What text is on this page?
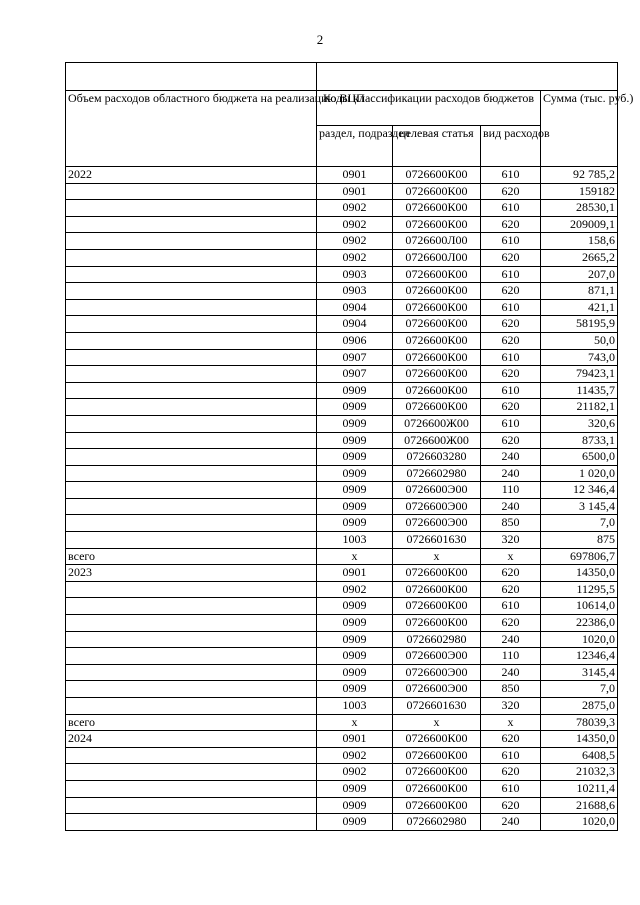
2

Объем расходов областного бюджета на реализацию ВЦП	Коды классификации расходов бюджетов			Сумма (тыс. руб.)
	раздел, подраздел	целевая статья	вид расходов	
2022	0901	0726600К00	610	92 785,2
	0901	0726600К00	620	159182
	0902	0726600К00	610	28530,1
	0902	0726600К00	620	209009,1
	0902	0726600Л00	610	158,6
	0902	0726600Л00	620	2665,2
	0903	0726600К00	610	207,0
	0903	0726600К00	620	871,1
	0904	0726600К00	610	421,1
	0904	0726600К00	620	58195,9
	0906	0726600К00	620	50,0
	0907	0726600К00	610	743,0
	0907	0726600К00	620	79423,1
	0909	0726600К00	610	11435,7
	0909	0726600К00	620	21182,1
	0909	0726600Ж00	610	320,6
	0909	0726600Ж00	620	8733,1
	0909	0726603280	240	6500,0
	0909	0726602980	240	1 020,0
	0909	0726600Э00	110	12 346,4
	0909	0726600Э00	240	3 145,4
	0909	0726600Э00	850	7,0
	1003	0726601630	320	875
всего	х	х	х	697806,7
2023	0901	0726600К00	620	14350,0
	0902	0726600К00	620	11295,5
	0909	0726600К00	610	10614,0
	0909	0726600К00	620	22386,0
	0909	0726602980	240	1020,0
	0909	0726600Э00	110	12346,4
	0909	0726600Э00	240	3145,4
	0909	0726600Э00	850	7,0
	1003	0726601630	320	2875,0
всего	х	х	х	78039,3
2024	0901	0726600К00	620	14350,0
	0902	0726600К00	610	6408,5
	0902	0726600К00	620	21032,3
	0909	0726600К00	610	10211,4
	0909	0726600К00	620	21688,6
	0909	0726602980	240	1020,0
